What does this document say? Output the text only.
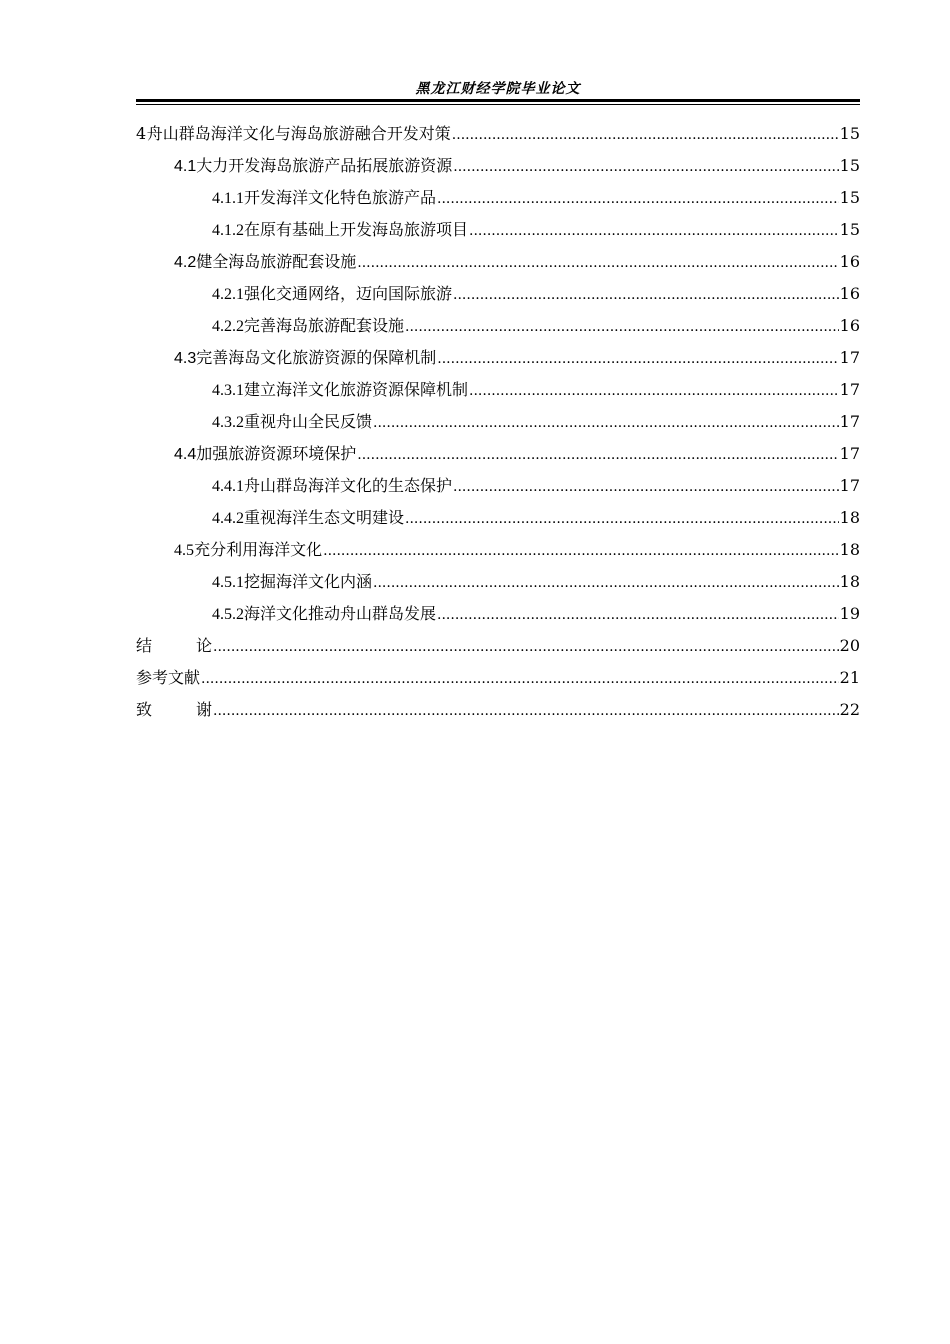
黑龙江财经学院毕业论文
4 舟山群岛海洋文化与海岛旅游融合开发对策 .....	15
4.1 大力开发海岛旅游产品拓展旅游资源 .....	15
4.1.1 开发海洋文化特色旅游产品 .....	15
4.1.2 在原有基础上开发海岛旅游项目 .....	15
4.2 健全海岛旅游配套设施 .....	16
4.2.1 强化交通网络，迈向国际旅游 .....	16
4.2.2 完善海岛旅游配套设施 .....	16
4.3 完善海岛文化旅游资源的保障机制 .....	17
4.3.1 建立海洋文化旅游资源保障机制 .....	17
4.3.2 重视舟山全民反馈 .....	17
4.4 加强旅游资源环境保护 .....	17
4.4.1 舟山群岛海洋文化的生态保护 .....	17
4.4.2 重视海洋生态文明建设 .....	18
4.5 充分利用海洋文化 .....	18
4.5.1 挖掘海洋文化内涵 .....	18
4.5.2 海洋文化推动舟山群岛发展 .....	19
结	论 .....	20
参考文献 .....	21
致	谢 .....	22
